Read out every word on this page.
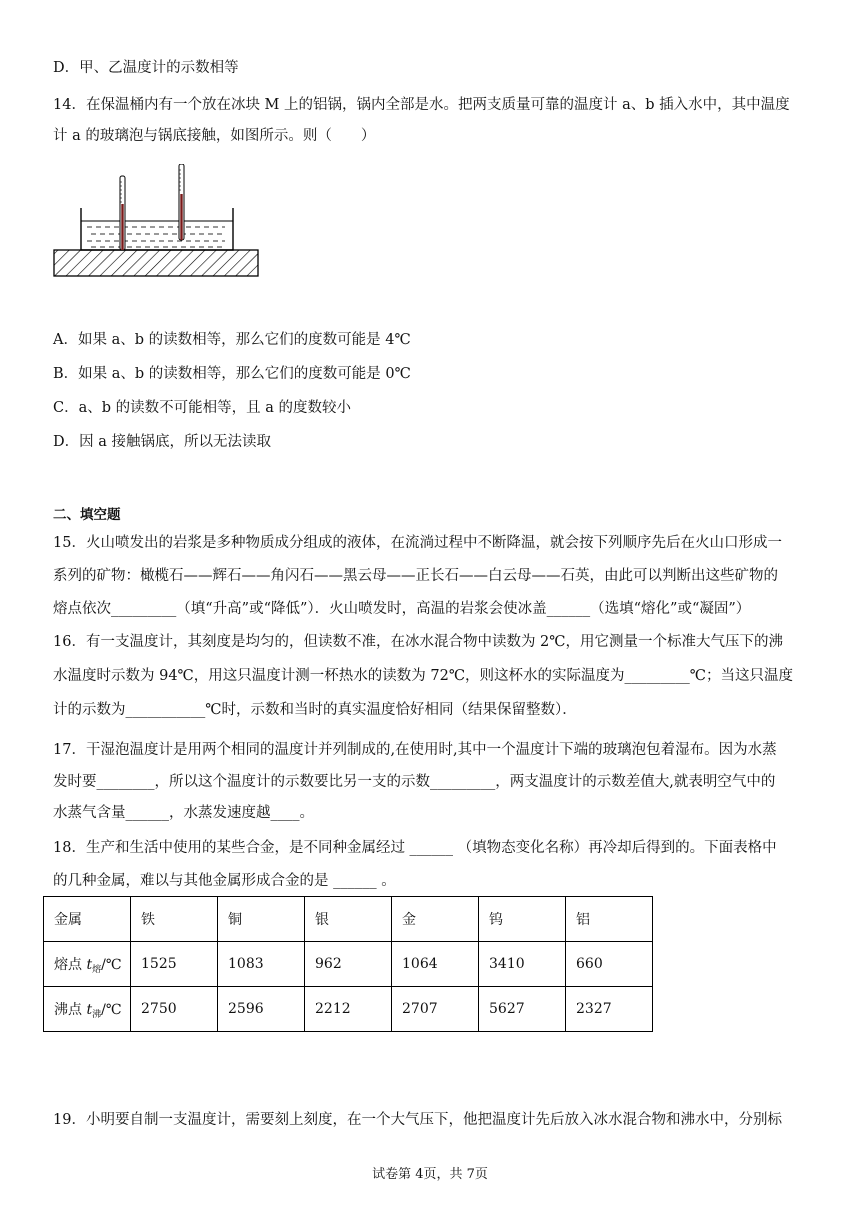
D．甲、乙温度计的示数相等
14．在保温桶内有一个放在冰块 M 上的铝锅，锅内全部是水。把两支质量可靠的温度计 a、b 插入水中，其中温度
计 a 的玻璃泡与锅底接触，如图所示。则（　　）
A．如果 a、b 的读数相等，那么它们的度数可能是 4℃
B．如果 a、b 的读数相等，那么它们的度数可能是 0℃
C．a、b 的读数不可能相等，且 a 的度数较小
D．因 a 接触锅底，所以无法读取
二、填空题
15．火山喷发出的岩浆是多种物质成分组成的液体，在流淌过程中不断降温，就会按下列顺序先后在火山口形成一
系列的矿物：橄榄石——辉石——角闪石——黑云母——正长石——白云母——石英，由此可以判断出这些矿物的
熔点依次_________（填“升高”或“降低”）．火山喷发时，高温的岩浆会使冰盖______（选填“熔化”或“凝固”）
16．有一支温度计，其刻度是均匀的，但读数不准，在冰水混合物中读数为 2℃，用它测量一个标准大气压下的沸
水温度时示数为 94℃，用这只温度计测一杯热水的读数为 72℃，则这杯水的实际温度为_________℃；当这只温度
计的示数为___________℃时，示数和当时的真实温度恰好相同（结果保留整数）．
17．干湿泡温度计是用两个相同的温度计并列制成的,在使用时,其中一个温度计下端的玻璃泡包着湿布。因为水蒸
发时要________，所以这个温度计的示数要比另一支的示数_________，两支温度计的示数差值大,就表明空气中的
水蒸气含量______，水蒸发速度越____。
18．生产和生活中使用的某些合金，是不同种金属经过 ______ （填物态变化名称）再冷却后得到的。下面表格中
的几种金属，难以与其他金属形成合金的是 ______ 。
金属	铁	铜	银	金	钨	铝
熔点 $t_熔/℃$	1525	1083	962	1064	3410	660
沸点 $t_沸/℃$	2750	2596	2212	2707	5627	2327
19．小明要自制一支温度计，需要刻上刻度，在一个大气压下，他把温度计先后放入冰水混合物和沸水中，分别标
试卷第 4页，共 7页
